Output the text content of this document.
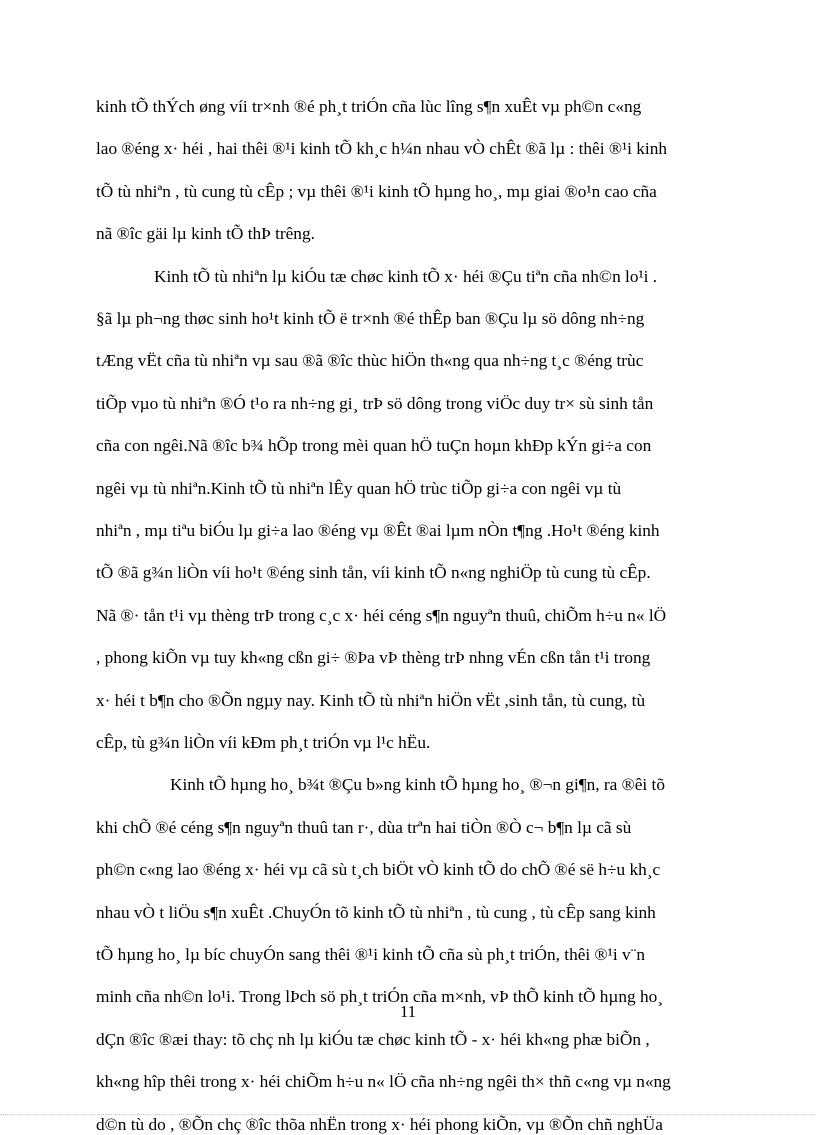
kinh tÕ thÝch øng víi tr×nh ®é ph¸t triÓn cña lùc lîng s¶n xuÊt vµ ph©n c«ng
lao ®éng x· héi , hai thêi ®¹i kinh tÕ kh¸c h¼n nhau vÒ chÊt ®ã lµ : thêi ®¹i kinh
tÕ tù nhiªn , tù cung tù cÊp ; vµ thêi ®¹i kinh tÕ hµng ho¸, mµ giai ®o¹n cao cña
nã ®îc gäi lµ kinh tÕ thÞ trêng.
Kinh tÕ tù nhiªn lµ kiÓu tæ chøc kinh tÕ x· héi ®Çu tiªn cña nh©n lo¹i .
§ã lµ ph¬ng thøc sinh ho¹t kinh tÕ ë tr×nh ®é thÊp ban ®Çu lµ sö dông nh÷ng
tÆng vËt cña tù nhiªn vµ sau ®ã ®îc thùc hiÖn th«ng qua nh÷ng t¸c ®éng trùc
tiÕp vµo tù nhiªn ®Ó t¹o ra nh÷ng gi¸ trÞ sö dông trong viÖc duy tr× sù sinh tån
cña con ngêi.Nã ®îc b¾ hÕp trong mèi quan hÖ tuÇn hoµn khÐp kÝn gi÷a con
ngêi vµ tù nhiªn.Kinh tÕ tù nhiªn lÊy quan hÖ trùc tiÕp gi÷a con ngêi vµ tù
nhiªn , mµ tiªu biÓu lµ gi÷a lao ®éng vµ ®Êt ®ai lµm nÒn t¶ng .Ho¹t ®éng kinh
tÕ ®ã g¾n liÒn víi ho¹t ®éng sinh tån, víi kinh tÕ n«ng nghiÖp tù cung tù cÊp.
Nã ®· tån t¹i vµ thèng trÞ trong c¸c x· héi céng s¶n nguyªn thuû, chiÕm h÷u n« lÖ
, phong kiÕn vµ tuy kh«ng cßn gi÷ ®Þa vÞ thèng trÞ nhng vÉn cßn tån t¹i trong
x· héi t b¶n cho ®Õn ngµy nay. Kinh tÕ tù nhiªn hiÖn vËt ,sinh tån, tù cung, tù
cÊp, tù g¾n liÒn víi kÐm ph¸t triÓn vµ l¹c hËu.
Kinh tÕ hµng ho¸ b¾t ®Çu b»ng kinh tÕ hµng ho¸ ®¬n gi¶n, ra ®êi tõ
khi chÕ ®é céng s¶n nguyªn thuû tan r·, dùa trªn hai tiÒn ®Ò c¬ b¶n lµ cã sù
ph©n c«ng lao ®éng x· héi vµ cã sù t¸ch biÖt vÒ kinh tÕ do chÕ ®é së h÷u kh¸c
nhau vÒ t liÖu s¶n xuÊt .ChuyÓn tõ kinh tÕ tù nhiªn , tù cung , tù cÊp sang kinh
tÕ hµng ho¸ lµ bíc chuyÓn sang thêi ®¹i kinh tÕ cña sù ph¸t triÓn, thêi ®¹i v¨n
minh cña nh©n lo¹i. Trong lÞch sö ph¸t triÓn cña m×nh, vÞ thÕ kinh tÕ hµng ho¸
dÇn ®îc ®æi thay: tõ chç nh lµ kiÓu tæ chøc kinh tÕ - x· héi kh«ng phæ biÕn ,
kh«ng hîp thêi trong x· héi chiÕm h÷u n« lÖ cña nh÷ng ngêi th× thñ c«ng vµ n«ng
d©n tù do , ®Õn chç ®îc thõa nhËn trong x· héi phong kiÕn, vµ ®Õn chñ nghÜa
11
